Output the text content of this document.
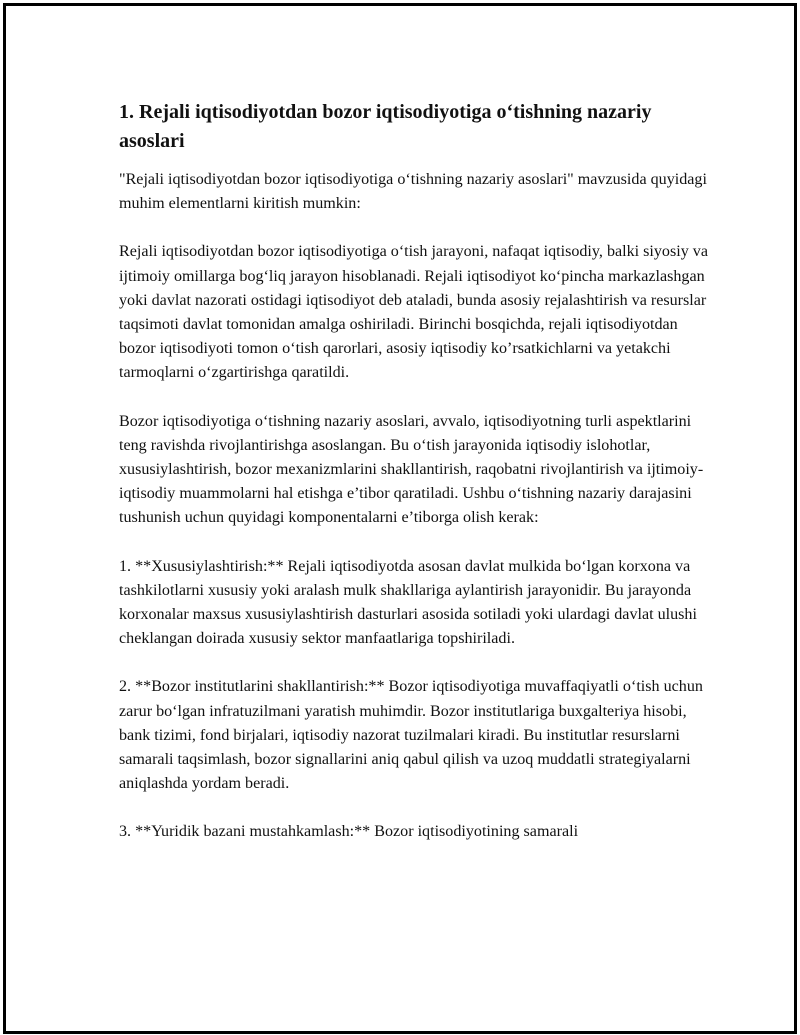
1. Rejali iqtisodiyotdan bozor iqtisodiyotiga o‘tishning nazariy asoslari

"Rejali iqtisodiyotdan bozor iqtisodiyotiga o‘tishning nazariy asoslari" mavzusida quyidagi muhim elementlarni kiritish mumkin:

Rejali iqtisodiyotdan bozor iqtisodiyotiga o‘tish jarayoni, nafaqat iqtisodiy, balki siyosiy va ijtimoiy omillarga bog‘liq jarayon hisoblanadi. Rejali iqtisodiyot ko‘pincha markazlashgan yoki davlat nazorati ostidagi iqtisodiyot deb ataladi, bunda asosiy rejalashtirish va resurslar taqsimoti davlat tomonidan amalga oshiriladi. Birinchi bosqichda, rejali iqtisodiyotdan bozor iqtisodiyoti tomon o‘tish qarorlari, asosiy iqtisodiy ko’rsatkichlarni va yetakchi tarmoqlarni o‘zgartirishga qaratildi.

Bozor iqtisodiyotiga o‘tishning nazariy asoslari, avvalo, iqtisodiyotning turli aspektlarini teng ravishda rivojlantirishga asoslangan. Bu o‘tish jarayonida iqtisodiy islohotlar, xususiylashtirish, bozor mexanizmlarini shakllantirish, raqobatni rivojlantirish va ijtimoiy-iqtisodiy muammolarni hal etishga e’tibor qaratiladi. Ushbu o‘tishning nazariy darajasini tushunish uchun quyidagi komponentalarni e’tiborga olish kerak:

1. **Xususiylashtirish:** Rejali iqtisodiyotda asosan davlat mulkida bo‘lgan korxona va tashkilotlarni xususiy yoki aralash mulk shakllariga aylantirish jarayonidir. Bu jarayonda korxonalar maxsus xususiylashtirish dasturlari asosida sotiladi yoki ulardagi davlat ulushi cheklangan doirada xususiy sektor manfaatlariga topshiriladi.

2. **Bozor institutlarini shakllantirish:** Bozor iqtisodiyotiga muvaffaqiyatli o‘tish uchun zarur bo‘lgan infratuzilmani yaratish muhimdir. Bozor institutlariga buxgalteriya hisobi, bank tizimi, fond birjalari, iqtisodiy nazorat tuzilmalari kiradi. Bu institutlar resurslarni samarali taqsimlash, bozor signallarini aniq qabul qilish va uzoq muddatli strategiyalarni aniqlashda yordam beradi.

3. **Yuridik bazani mustahkamlash:** Bozor iqtisodiyotining samarali
